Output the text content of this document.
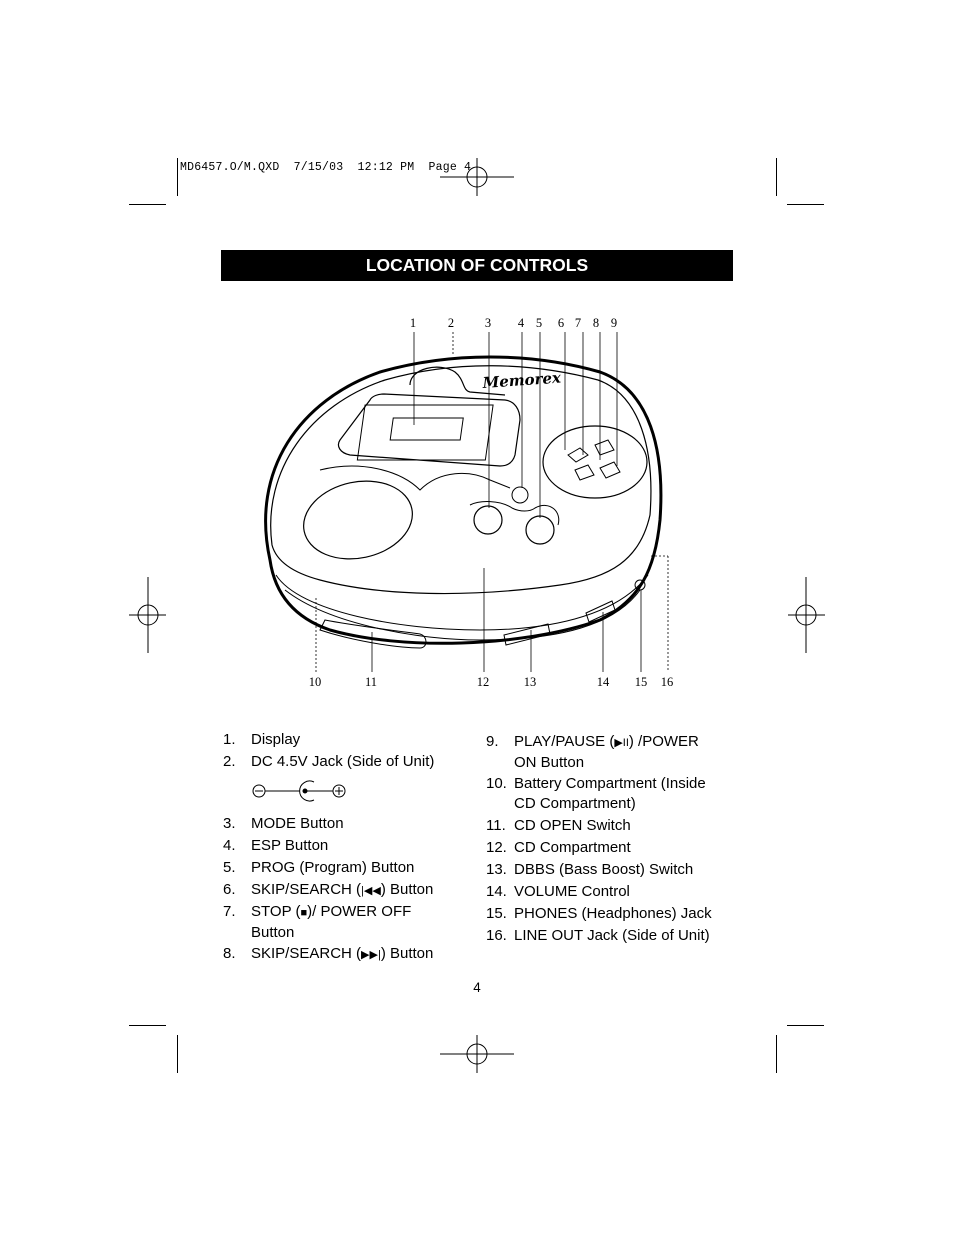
MD6457.O/M.QXD  7/15/03  12:12 PM  Page 4
Memorex
1	2 3 4 5 6 7 8 9
10	11	12	13	14 15 16
LOCATION OF CONTROLS
1.	Display
2.	DC 4.5V Jack (Side of Unit)
3.	MODE Button
4.	ESP Button
5.	PROG (Program) Button
6.	SKIP/SEARCH (|◀◀) Button
7.	STOP (■)/ POWER OFF
Button
8.	SKIP/SEARCH (▶▶|) Button
9.	PLAY/PAUSE (▶II) /POWER
ON Button
10. Battery Compartment (Inside
CD Compartment)
11. CD OPEN Switch
12. CD Compartment
13. DBBS (Bass Boost) Switch
14. VOLUME Control
15. PHONES (Headphones) Jack
16. LINE OUT Jack (Side of Unit)
4
